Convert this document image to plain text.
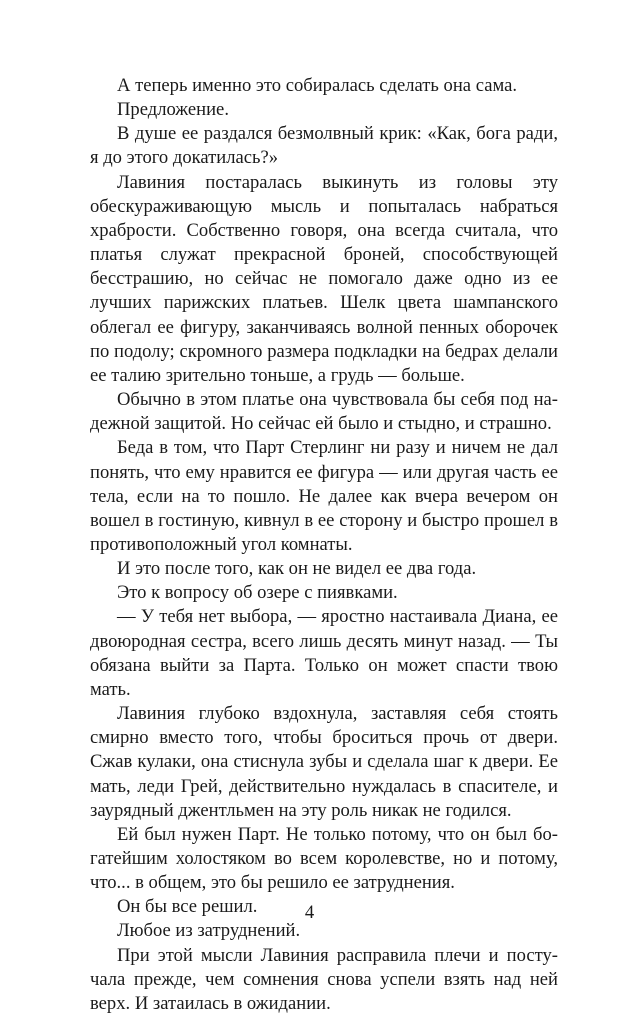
А теперь именно это собиралась сделать она сама.

Предложение.

В душе ее раздался безмолвный крик: «Как, бога ради, я до этого докатилась?»

Лавиния постаралась выкинуть из головы эту обескураживающую мысль и попыталась набраться храбрости. Собственно говоря, она всегда считала, что платья служат прекрасной броней, способствующей бесстрашию, но сейчас не помогало даже одно из ее лучших парижских платьев. Шелк цвета шампанского облегал ее фигуру, заканчиваясь волной пенных оборочек по подолу; скромного размера подкладки на бедрах делали ее талию зрительно тоньше, а грудь — больше.

Обычно в этом платье она чувствовала бы себя под надежной защитой. Но сейчас ей было и стыдно, и страшно.

Беда в том, что Парт Стерлинг ни разу и ничем не дал понять, что ему нравится ее фигура — или другая часть ее тела, если на то пошло. Не далее как вчера вечером он вошел в гостиную, кивнул в ее сторону и быстро прошел в противоположный угол комнаты.

И это после того, как он не видел ее два года.

Это к вопросу об озере с пиявками.

— У тебя нет выбора, — яростно настаивала Диана, ее двоюродная сестра, всего лишь десять минут назад. — Ты обязана выйти за Парта. Только он может спасти твою мать.

Лавиния глубоко вздохнула, заставляя себя стоять смирно вместо того, чтобы броситься прочь от двери. Сжав кулаки, она стиснула зубы и сделала шаг к двери. Ее мать, леди Грей, действительно нуждалась в спасителе, и заурядный джентльмен на эту роль никак не годился.

Ей был нужен Парт. Не только потому, что он был богатейшим холостяком во всем королевстве, но и потому, что... в общем, это бы решило ее затруднения.

Он бы все решил.

Любое из затруднений.

При этой мысли Лавиния расправила плечи и постучала прежде, чем сомнения снова успели взять над ней верх. И затаилась в ожидании.

4
